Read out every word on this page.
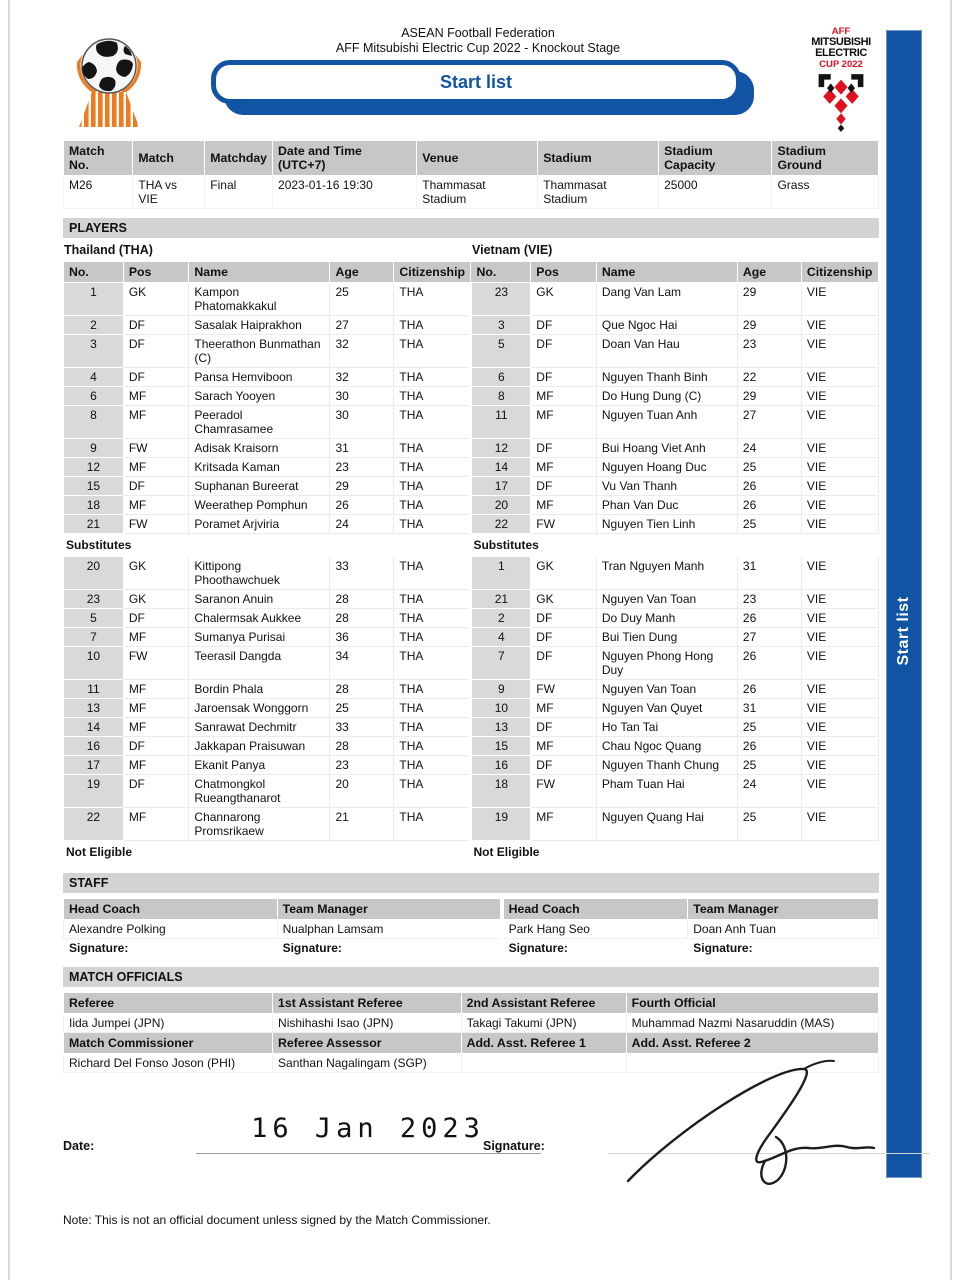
Start list
ASEAN Football Federation
AFF Mitsubishi Electric Cup 2022 - Knockout Stage
Start list
AFF
MITSUBISHI
ELECTRIC
CUP 2022
Match No.	Match	Matchday	Date and Time (UTC+7)	Venue	Stadium	Stadium Capacity	Stadium Ground
M26	THA vs VIE	Final	2023-01-16 19:30	Thammasat Stadium	Thammasat Stadium	25000	Grass
PLAYERS
Thailand (THA)	Vietnam (VIE)
No.	Pos	Name	Age	Citizenship	No.	Pos	Name	Age	Citizenship
1	GK	Kampon Phatomakkakul	25	THA	23	GK	Dang Van Lam	29	VIE
2	DF	Sasalak Haiprakhon	27	THA	3	DF	Que Ngoc Hai	29	VIE
3	DF	Theerathon Bunmathan (C)	32	THA	5	DF	Doan Van Hau	23	VIE
4	DF	Pansa Hemviboon	32	THA	6	DF	Nguyen Thanh Binh	22	VIE
6	MF	Sarach Yooyen	30	THA	8	MF	Do Hung Dung (C)	29	VIE
8	MF	Peeradol Chamrasamee	30	THA	11	MF	Nguyen Tuan Anh	27	VIE
9	FW	Adisak Kraisorn	31	THA	12	DF	Bui Hoang Viet Anh	24	VIE
12	MF	Kritsada Kaman	23	THA	14	MF	Nguyen Hoang Duc	25	VIE
15	DF	Suphanan Bureerat	29	THA	17	DF	Vu Van Thanh	26	VIE
18	MF	Weerathep Pomphun	26	THA	20	MF	Phan Van Duc	26	VIE
21	FW	Poramet Arjviria	24	THA	22	FW	Nguyen Tien Linh	25	VIE
Substitutes					Substitutes				
20	GK	Kittipong Phoothawchuek	33	THA	1	GK	Tran Nguyen Manh	31	VIE
23	GK	Saranon Anuin	28	THA	21	GK	Nguyen Van Toan	23	VIE
5	DF	Chalermsak Aukkee	28	THA	2	DF	Do Duy Manh	26	VIE
7	MF	Sumanya Purisai	36	THA	4	DF	Bui Tien Dung	27	VIE
10	FW	Teerasil Dangda	34	THA	7	DF	Nguyen Phong Hong Duy	26	VIE
11	MF	Bordin Phala	28	THA	9	FW	Nguyen Van Toan	26	VIE
13	MF	Jaroensak Wonggorn	25	THA	10	MF	Nguyen Van Quyet	31	VIE
14	MF	Sanrawat Dechmitr	33	THA	13	DF	Ho Tan Tai	25	VIE
16	DF	Jakkapan Praisuwan	28	THA	15	MF	Chau Ngoc Quang	26	VIE
17	MF	Ekanit Panya	23	THA	16	DF	Nguyen Thanh Chung	25	VIE
19	DF	Chatmongkol Rueangthanarot	20	THA	18	FW	Pham Tuan Hai	24	VIE
22	MF	Channarong Promsrikaew	21	THA	19	MF	Nguyen Quang Hai	25	VIE
Not Eligible					Not Eligible				
STAFF
Head Coach	Team Manager	Head Coach	Team Manager
Alexandre Polking	Nualphan Lamsam	Park Hang Seo	Doan Anh Tuan
Signature:	Signature:	Signature:	Signature:
MATCH OFFICIALS
Referee	1st Assistant Referee	2nd Assistant Referee	Fourth Official
Iida Jumpei (JPN)	Nishihashi Isao (JPN)	Takagi Takumi (JPN)	Muhammad Nazmi Nasaruddin (MAS)
Match Commissioner	Referee Assessor	Add. Asst. Referee 1	Add. Asst. Referee 2
Richard Del Fonso Joson (PHI)	Santhan Nagalingam (SGP)		
Date:
16 Jan 2023
Signature:
Note: This is not an official document unless signed by the Match Commissioner.
